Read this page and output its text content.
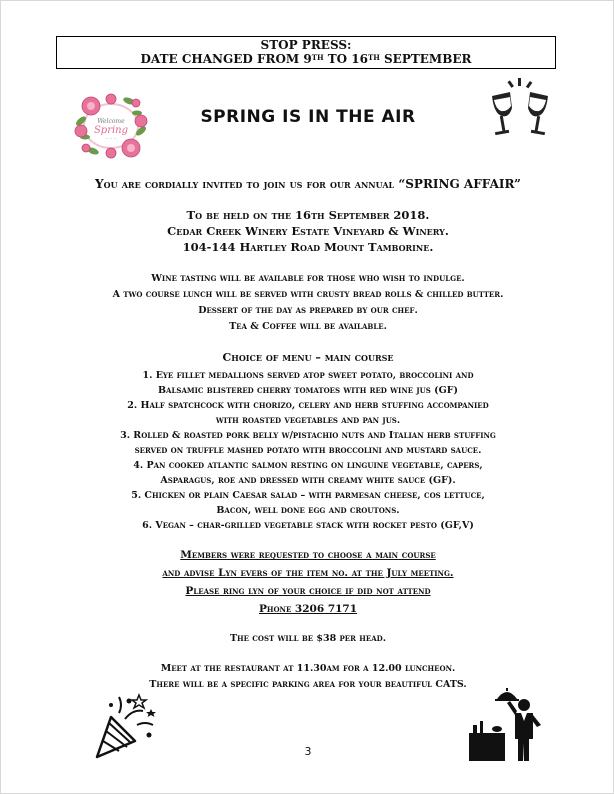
STOP PRESS:
DATE CHANGED FROM 9TH TO 16TH SEPTEMBER
Welcome
Spring
~ ~ ~
SPRING IS IN THE AIR
You are cordially invited to join us for our annual “SPRING AFFAIR”
To be held on the 16th September 2018.
Cedar Creek Winery Estate Vineyard & Winery.
104-144 Hartley Road Mount Tamborine.
Wine tasting will be available for those who wish to indulge.
A two course lunch will be served with crusty bread rolls & chilled butter.
Dessert of the day as prepared by our chef.
Tea & Coffee will be available.
Choice of menu – main course
1. Eye fillet medallions served atop sweet potato, broccolini and
Balsamic blistered cherry tomatoes with red wine jus (GF)
2. Half spatchcock with chorizo, celery and herb stuffing accompanied
with roasted vegetables and pan jus.
3. Rolled & roasted pork belly w/pistachio nuts and Italian herb stuffing
served on truffle mashed potato with broccolini and mustard sauce.
4. Pan cooked atlantic salmon resting on linguine vegetable, capers,
Asparagus, roe and dressed with creamy white sauce (GF).
5. Chicken or plain Caesar salad – with parmesan cheese, cos lettuce,
Bacon, well done egg and croutons.
6. Vegan – char-grilled vegetable stack with rocket pesto (GF,V)
Members were requested to choose a main course
and advise Lyn evers of the item no. at the July meeting.
Please ring lyn of your choice if did not attend
Phone 3206 7171
The cost will be $38 per head.
Meet at the restaurant at 11.30am for a 12.00 luncheon.
There will be a specific parking area for your beautiful CATS.
3
